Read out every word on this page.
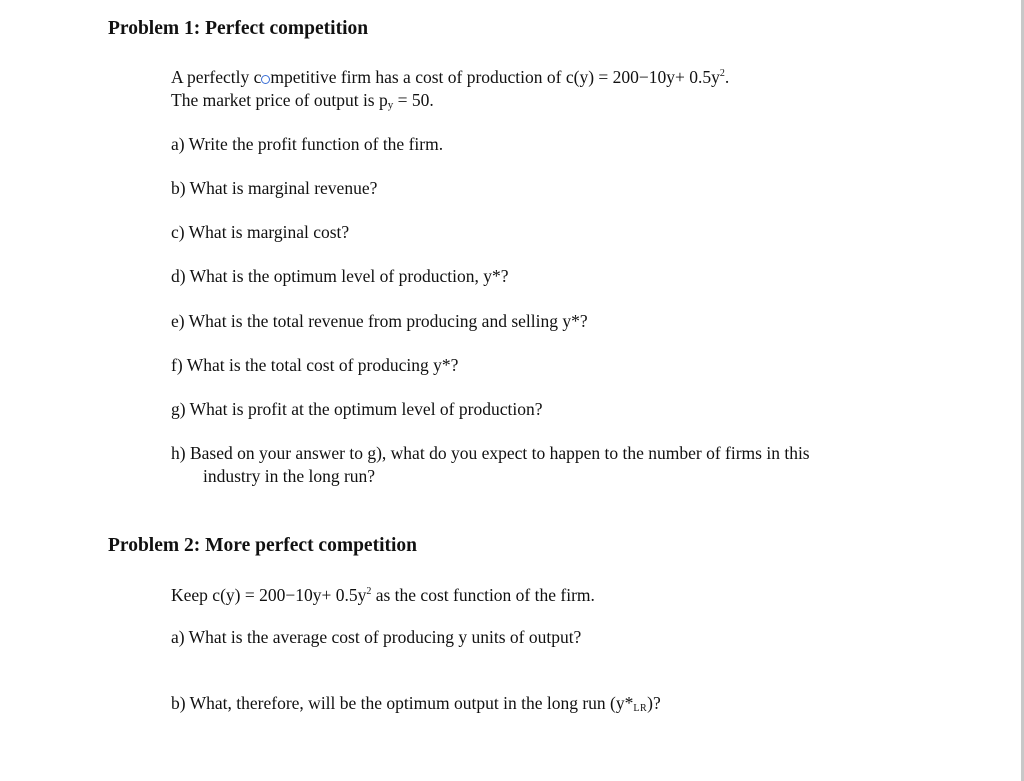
Problem 1: Perfect competition
A perfectly c mpetitive firm has a cost of production of $c(y) = 200-10y+ 0.5y^2$.
The market price of output is $p_y = 50$.
a) Write the profit function of the firm.
b) What is marginal revenue?
c) What is marginal cost?
d) What is the optimum level of production, y*?
e) What is the total revenue from producing and selling y*?
f) What is the total cost of producing y*?
g) What is profit at the optimum level of production?
h) Based on your answer to g), what do you expect to happen to the number of firms in this
industry in the long run?
Problem 2: More perfect competition
Keep $c(y) = 200-10y+ 0.5y^2$ as the cost function of the firm.
a) What is the average cost of producing y units of output?
b) What, therefore, will be the optimum output in the long run $(y*_{LR})$?
